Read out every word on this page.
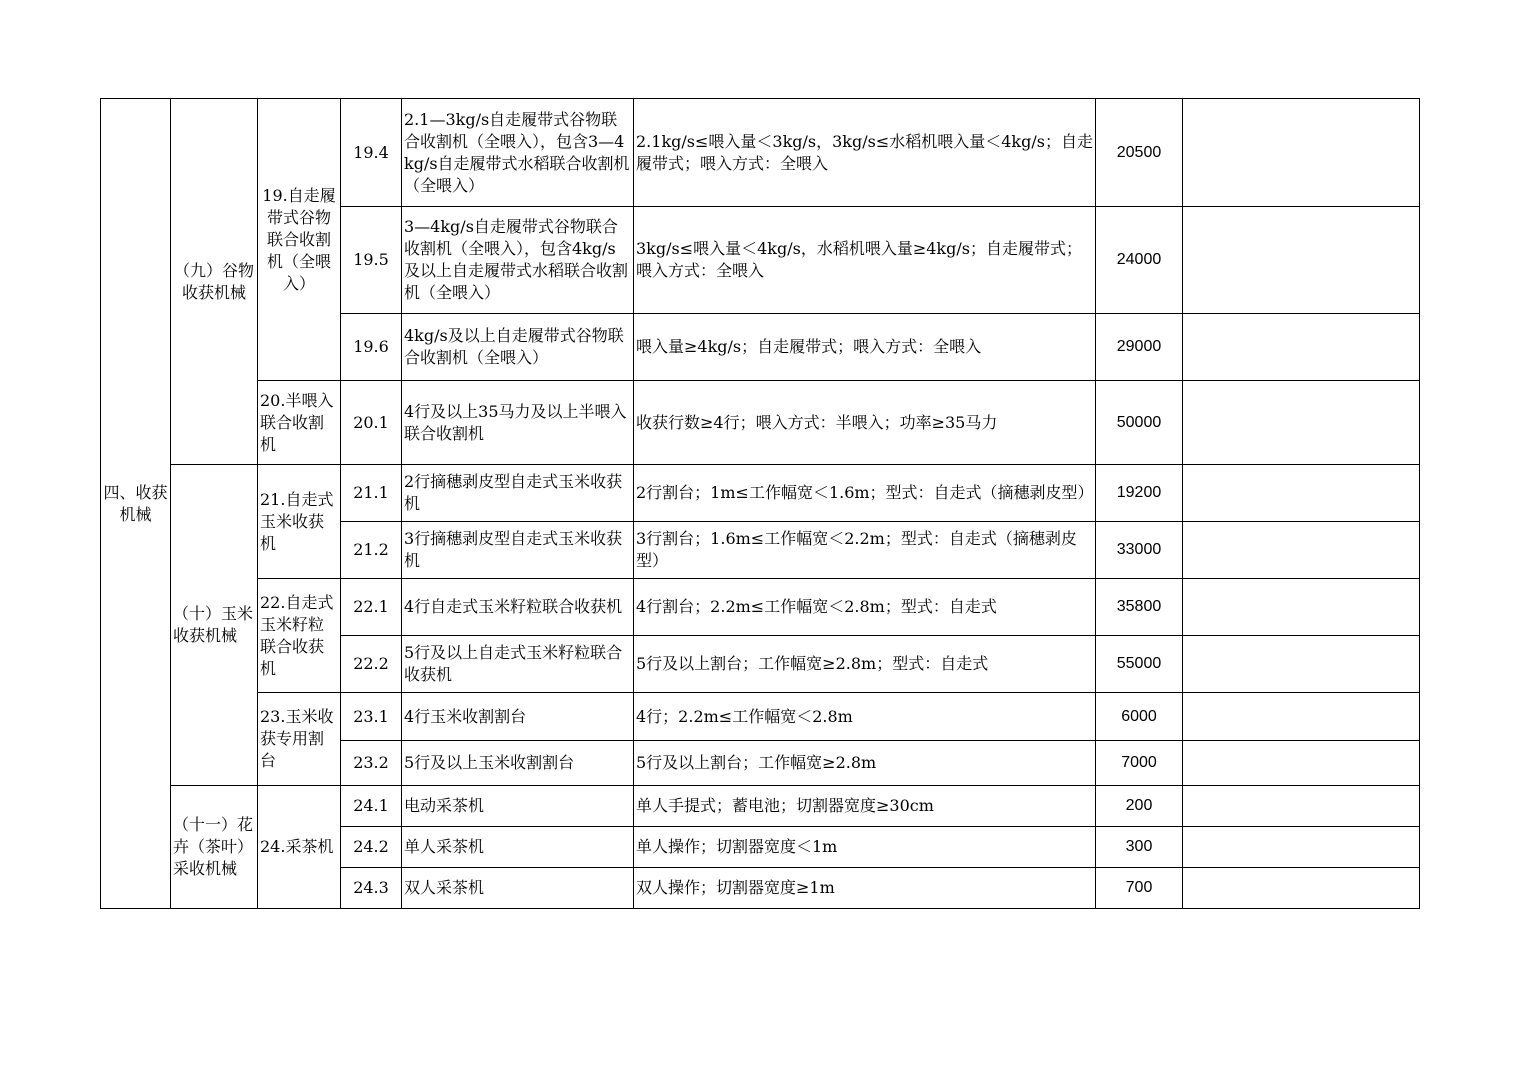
四、收获机械	（九）谷物收获机械	19.自走履带式谷物联合收割机（全喂入）	19.4	2.1—3kg/s自走履带式谷物联合收割机（全喂入），包含3—4kg/s自走履带式水稻联合收割机（全喂入）	2.1kg/s≤喂入量＜3kg/s，3kg/s≤水稻机喂入量＜4kg/s；自走履带式；喂入方式：全喂入	20500	
			19.5	3—4kg/s自走履带式谷物联合收割机（全喂入），包含4kg/s及以上自走履带式水稻联合收割机（全喂入）	3kg/s≤喂入量＜4kg/s，水稻机喂入量≥4kg/s；自走履带式；喂入方式：全喂入	24000	
			19.6	4kg/s及以上自走履带式谷物联合收割机（全喂入）	喂入量≥4kg/s；自走履带式；喂入方式：全喂入	29000	
		20.半喂入联合收割机	20.1	4行及以上35马力及以上半喂入联合收割机	收获行数≥4行；喂入方式：半喂入；功率≥35马力	50000	
	（十）玉米收获机械	21.自走式玉米收获机	21.1	2行摘穗剥皮型自走式玉米收获机	2行割台；1m≤工作幅宽＜1.6m；型式：自走式（摘穗剥皮型）	19200	
			21.2	3行摘穗剥皮型自走式玉米收获机	3行割台；1.6m≤工作幅宽＜2.2m；型式：自走式（摘穗剥皮型）	33000	
		22.自走式玉米籽粒联合收获机	22.1	4行自走式玉米籽粒联合收获机	4行割台；2.2m≤工作幅宽＜2.8m；型式：自走式	35800	
			22.2	5行及以上自走式玉米籽粒联合收获机	5行及以上割台；工作幅宽≥2.8m；型式：自走式	55000	
		23.玉米收获专用割台	23.1	4行玉米收割割台	4行；2.2m≤工作幅宽＜2.8m	6000	
			23.2	5行及以上玉米收割割台	5行及以上割台；工作幅宽≥2.8m	7000	
	（十一）花卉（茶叶）采收机械	24.采茶机	24.1	电动采茶机	单人手提式；蓄电池；切割器宽度≥30cm	200	
			24.2	单人采茶机	单人操作；切割器宽度＜1m	300	
			24.3	双人采茶机	双人操作；切割器宽度≥1m	700	
